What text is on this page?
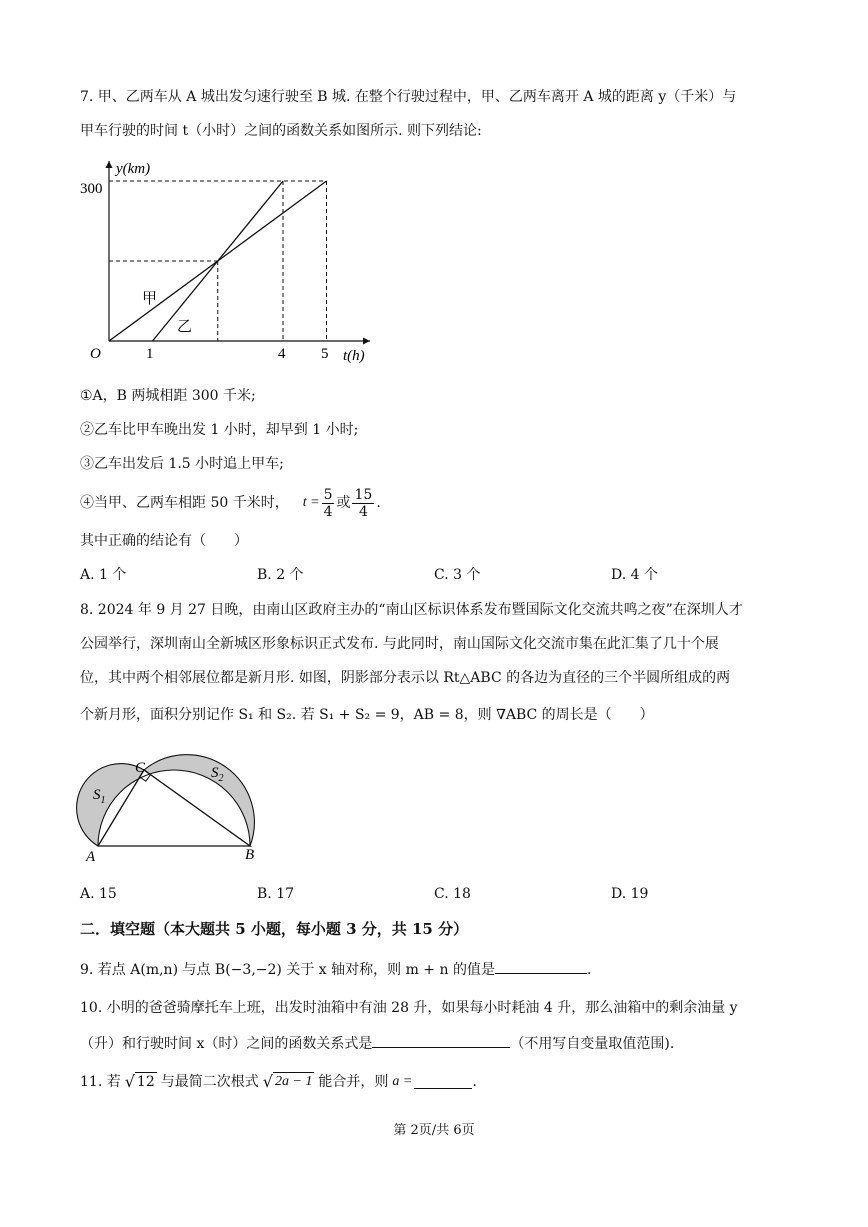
7. 甲、乙两车从 A 城出发匀速行驶至 B 城. 在整个行驶过程中，甲、乙两车离开 A 城的距离 y（千米）与
甲车行驶的时间 t（小时）之间的函数关系如图所示. 则下列结论:
y(km)
t(h)
O
300
1	4 5
甲
乙
①A，B 两城相距 300 千米;
②乙车比甲车晚出发 1 小时，却早到 1 小时;
③乙车出发后 1.5 小时追上甲车;
④当甲、乙两车相距 50 千米时， $t = \frac{5}{4}$ 或 $\frac{15}{4}$ .
其中正确的结论有（　　）
A. 1 个	B. 2 个	C. 3 个	D. 4 个
8. 2024 年 9 月 27 日晚，由南山区政府主办的“南山区标识体系发布暨国际文化交流共鸣之夜”在深圳人才
公园举行，深圳南山全新城区形象标识正式发布. 与此同时，南山国际文化交流市集在此汇集了几十个展
位，其中两个相邻展位都是新月形. 如图，阴影部分表示以 Rt△ABC 的各边为直径的三个半圆所组成的两
个新月形，面积分别记作 S₁ 和 S₂. 若 S₁ + S₂ = 9，AB = 8，则 ∇ABC 的周长是（　　）
A	B
C
$S_1$
$S_2$
A. 15	B. 17	C. 18	D. 19
二．填空题（本大题共 5 小题，每小题 3 分，共 15 分）
9. 若点 A(m,n) 与点 B(−3,−2) 关于 x 轴对称，则 m + n 的值是	.
10. 小明的爸爸骑摩托车上班，出发时油箱中有油 28 升，如果每小时耗油 4 升，那么油箱中的剩余油量 y
（升）和行驶时间 x（时）之间的函数关系式是	（不用写自变量取值范围).
11. 若 √ 12 与最简二次根式 √ 2a − 1 能合并，则 a =	.
第 2页/共 6页
